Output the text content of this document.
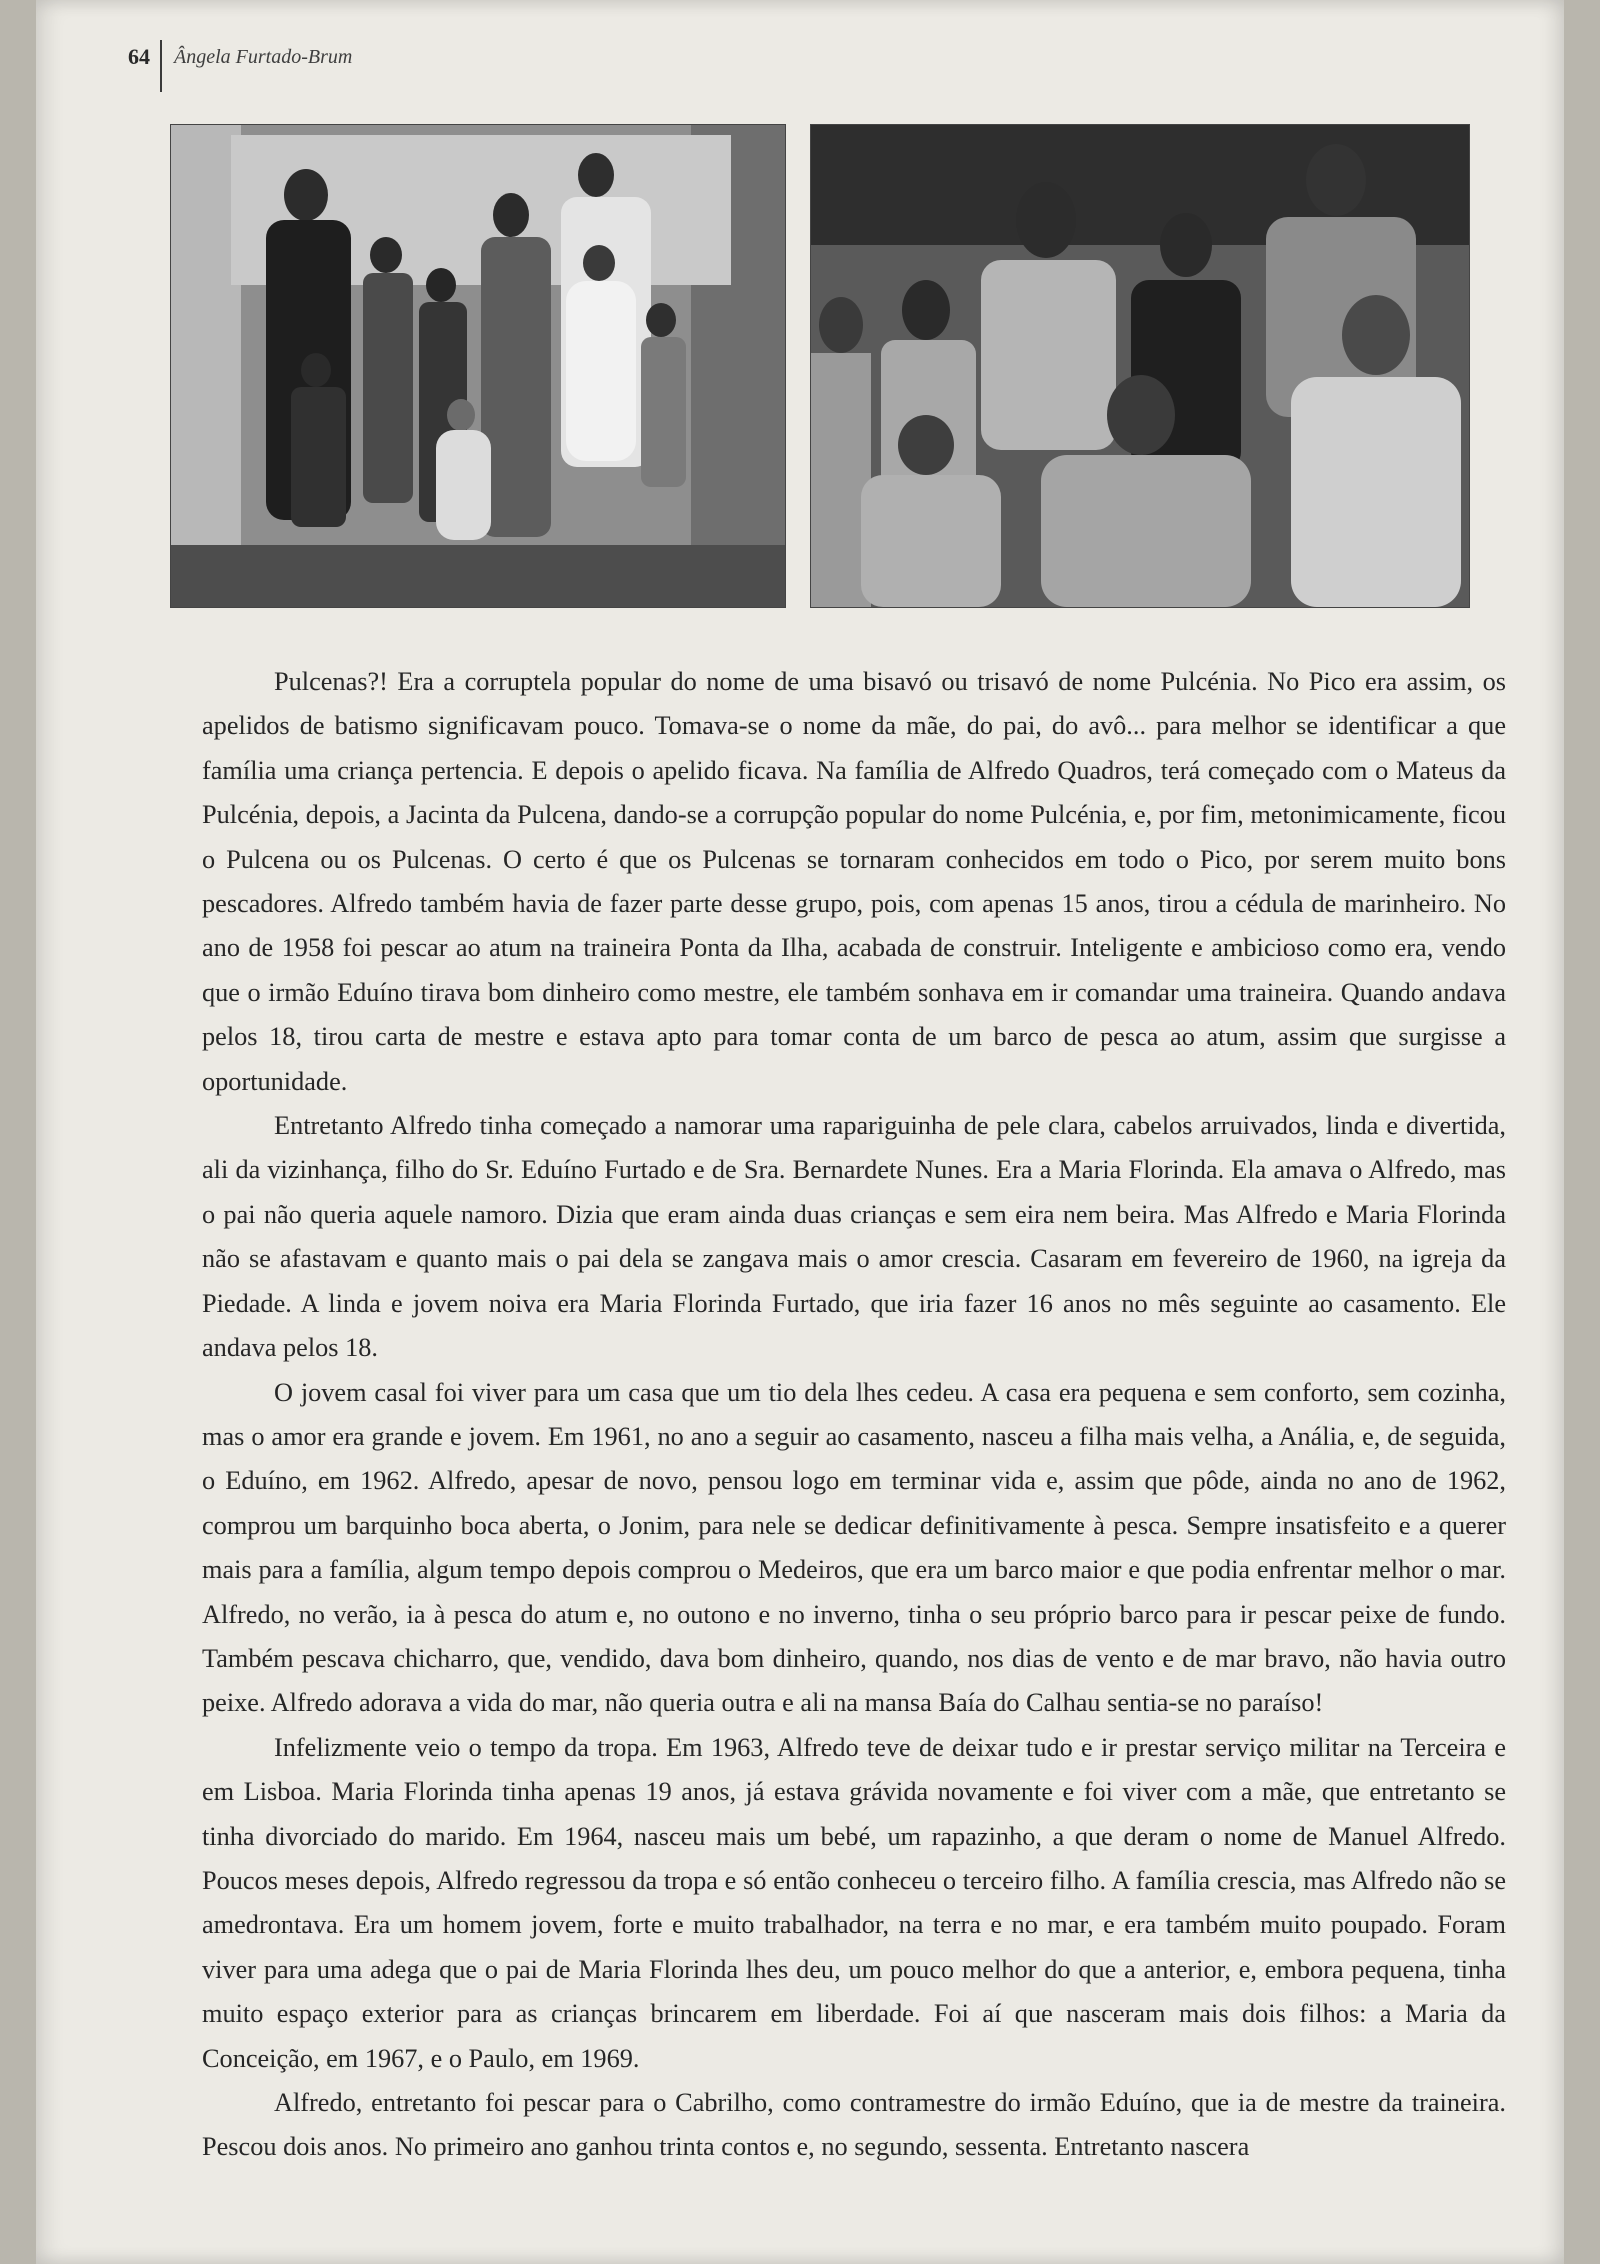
64	Ângela Furtado-Brum

Pulcenas?! Era a corruptela popular do nome de uma bisavó ou trisavó de nome Pulcénia. No Pico era assim, os apelidos de batismo significavam pouco. Tomava-se o nome da mãe, do pai, do avô... para melhor se identificar a que família uma criança pertencia. E depois o apelido ficava. Na família de Alfredo Quadros, terá começado com o Mateus da Pulcénia, depois, a Jacinta da Pulcena, dando-se a corrupção popular do nome Pulcénia, e, por fim, metonimicamente, ficou o Pulcena ou os Pulcenas. O certo é que os Pulcenas se tornaram conhecidos em todo o Pico, por serem muito bons pescadores. Alfredo também havia de fazer parte desse grupo, pois, com apenas 15 anos, tirou a cédula de marinheiro. No ano de 1958 foi pescar ao atum na traineira Ponta da Ilha, acabada de construir. Inteligente e ambicioso como era, vendo que o irmão Eduíno tirava bom dinheiro como mestre, ele também sonhava em ir comandar uma traineira. Quando andava pelos 18, tirou carta de mestre e estava apto para tomar conta de um barco de pesca ao atum, assim que surgisse a oportunidade.

Entretanto Alfredo tinha começado a namorar uma rapariguinha de pele clara, cabelos arruivados, linda e divertida, ali da vizinhança, filho do Sr. Eduíno Furtado e de Sra. Bernardete Nunes. Era a Maria Florinda. Ela amava o Alfredo, mas o pai não queria aquele namoro. Dizia que eram ainda duas crianças e sem eira nem beira. Mas Alfredo e Maria Florinda não se afastavam e quanto mais o pai dela se zangava mais o amor crescia. Casaram em fevereiro de 1960, na igreja da Piedade. A linda e jovem noiva era Maria Florinda Furtado, que iria fazer 16 anos no mês seguinte ao casamento. Ele andava pelos 18.

O jovem casal foi viver para um casa que um tio dela lhes cedeu. A casa era pequena e sem conforto, sem cozinha, mas o amor era grande e jovem. Em 1961, no ano a seguir ao casamento, nasceu a filha mais velha, a Anália, e, de seguida, o Eduíno, em 1962. Alfredo, apesar de novo, pensou logo em terminar vida e, assim que pôde, ainda no ano de 1962, comprou um barquinho boca aberta, o Jonim, para nele se dedicar definitivamente à pesca. Sempre insatisfeito e a querer mais para a família, algum tempo depois comprou o Medeiros, que era um barco maior e que podia enfrentar melhor o mar. Alfredo, no verão, ia à pesca do atum e, no outono e no inverno, tinha o seu próprio barco para ir pescar peixe de fundo. Também pescava chicharro, que, vendido, dava bom dinheiro, quando, nos dias de vento e de mar bravo, não havia outro peixe. Alfredo adorava a vida do mar, não queria outra e ali na mansa Baía do Calhau sentia-se no paraíso!

Infelizmente veio o tempo da tropa. Em 1963, Alfredo teve de deixar tudo e ir prestar serviço militar na Terceira e em Lisboa. Maria Florinda tinha apenas 19 anos, já estava grávida novamente e foi viver com a mãe, que entretanto se tinha divorciado do marido. Em 1964, nasceu mais um bebé, um rapazinho, a que deram o nome de Manuel Alfredo. Poucos meses depois, Alfredo regressou da tropa e só então conheceu o terceiro filho. A família crescia, mas Alfredo não se amedrontava. Era um homem jovem, forte e muito trabalhador, na terra e no mar, e era também muito poupado. Foram viver para uma adega que o pai de Maria Florinda lhes deu, um pouco melhor do que a anterior, e, embora pequena, tinha muito espaço exterior para as crianças brincarem em liberdade. Foi aí que nasceram mais dois filhos: a Maria da Conceição, em 1967, e o Paulo, em 1969.

Alfredo, entretanto foi pescar para o Cabrilho, como contramestre do irmão Eduíno, que ia de mestre da traineira. Pescou dois anos. No primeiro ano ganhou trinta contos e, no segundo, sessenta. Entretanto nascera
